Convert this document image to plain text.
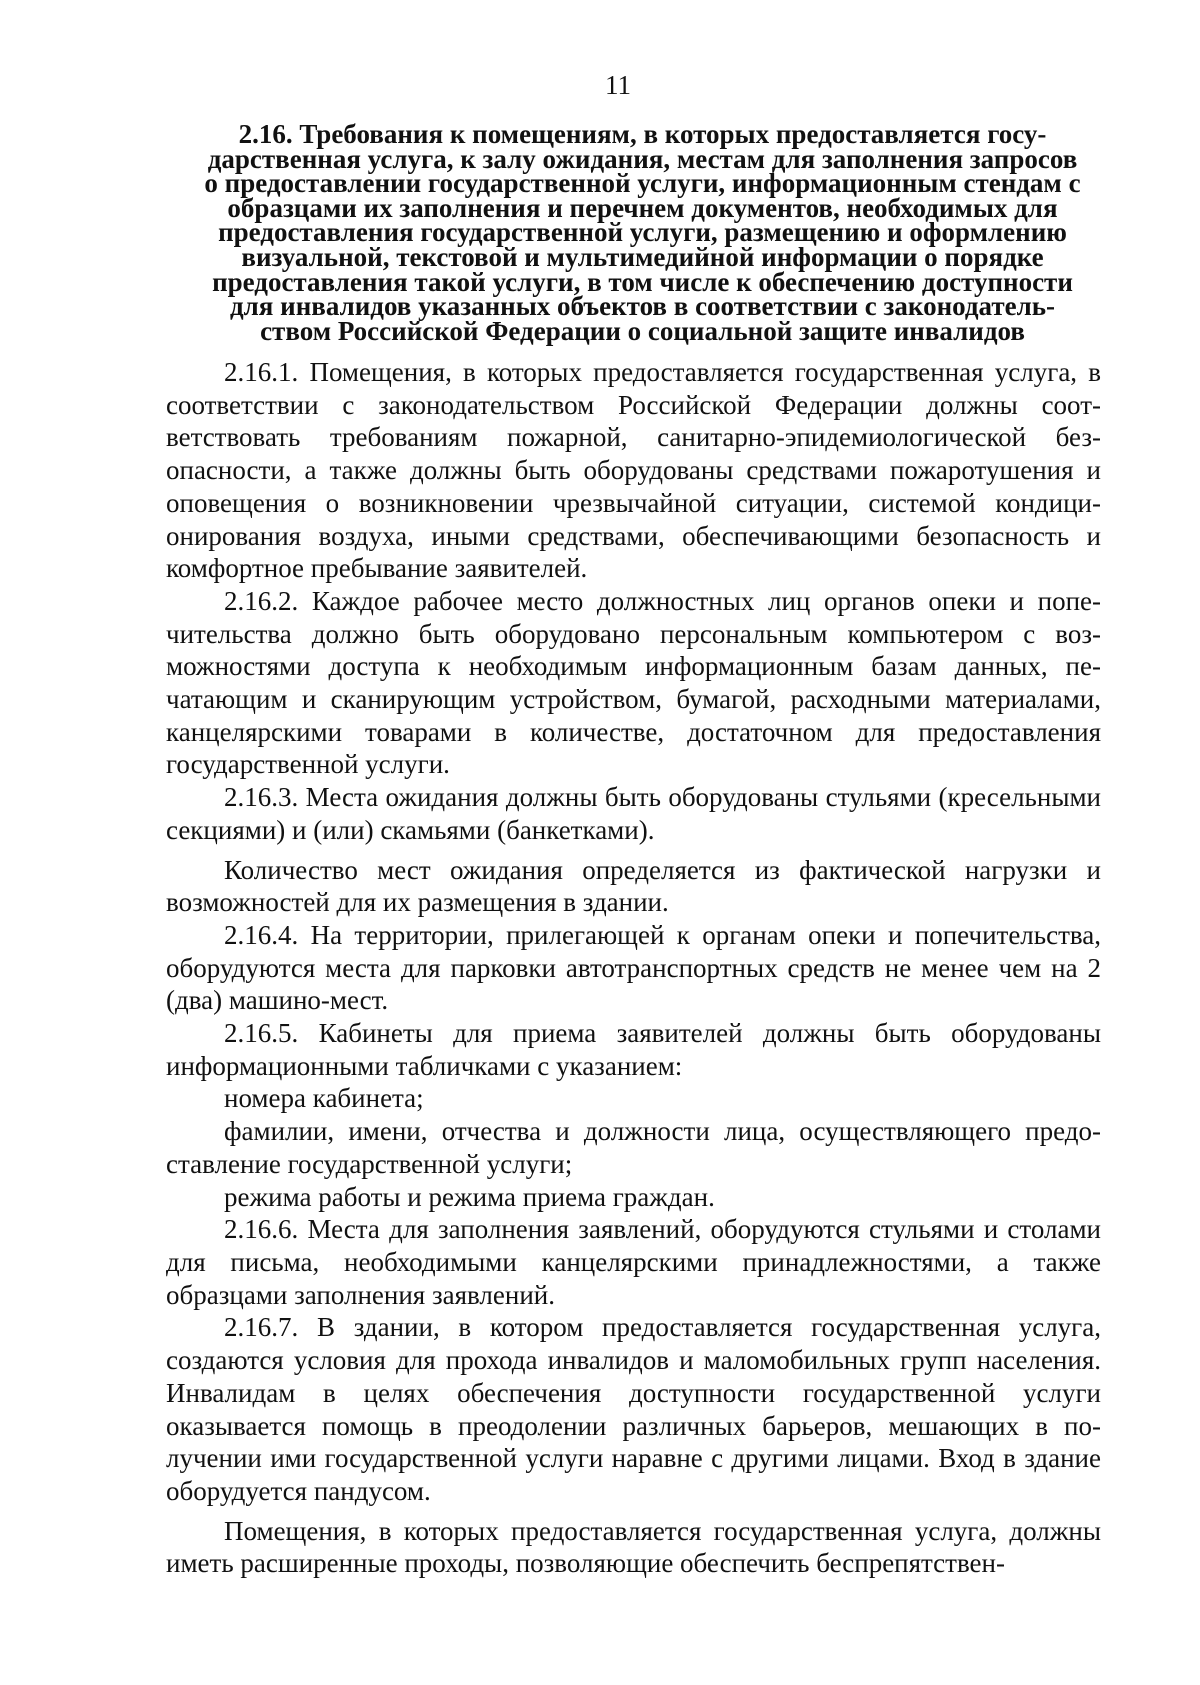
11
2.16. Требования к помещениям, в которых предоставляется госу-
дарственная услуга, к залу ожидания, местам для заполнения запросов
о предоставлении государственной услуги, информационным стендам с
образцами их заполнения и перечнем документов, необходимых для
предоставления государственной услуги, размещению и оформлению
визуальной, текстовой и мультимедийной информации о порядке
предоставления такой услуги, в том числе к обеспечению доступности
для инвалидов указанных объектов в соответствии с законодатель-
ством Российской Федерации о социальной защите инвалидов

2.16.1. Помещения, в которых предоставляется государственная услуга, в соответствии с законодательством Российской Федерации должны соответствовать требованиям пожарной, санитарно-эпидемиологической безопасности, а также должны быть оборудованы средствами пожаротушения и оповещения о возникновении чрезвычайной ситуации, системой кондиционирования воздуха, иными средствами, обеспечивающими безопасность и комфортное пребывание заявителей.

2.16.2. Каждое рабочее место должностных лиц органов опеки и попечительства должно быть оборудовано персональным компьютером с возможностями доступа к необходимым информационным базам данных, печатающим и сканирующим устройством, бумагой, расходными материалами, канцелярскими товарами в количестве, достаточном для предоставления государственной услуги.

2.16.3. Места ожидания должны быть оборудованы стульями (кресельными секциями) и (или) скамьями (банкетками).

Количество мест ожидания определяется из фактической нагрузки и возможностей для их размещения в здании.

2.16.4. На территории, прилегающей к органам опеки и попечительства, оборудуются места для парковки автотранспортных средств не менее чем на 2 (два) машино-мест.

2.16.5. Кабинеты для приема заявителей должны быть оборудованы информационными табличками с указанием:

номера кабинета;

фамилии, имени, отчества и должности лица, осуществляющего предоставление государственной услуги;

режима работы и режима приема граждан.

2.16.6. Места для заполнения заявлений, оборудуются стульями и столами для письма, необходимыми канцелярскими принадлежностями, а также образцами заполнения заявлений.

2.16.7. В здании, в котором предоставляется государственная услуга, создаются условия для прохода инвалидов и маломобильных групп населения. Инвалидам в целях обеспечения доступности государственной услуги оказывается помощь в преодолении различных барьеров, мешающих в получении ими государственной услуги наравне с другими лицами. Вход в здание оборудуется пандусом.

Помещения, в которых предоставляется государственная услуга, должны иметь расширенные проходы, позволяющие обеспечить беспрепятствен-
